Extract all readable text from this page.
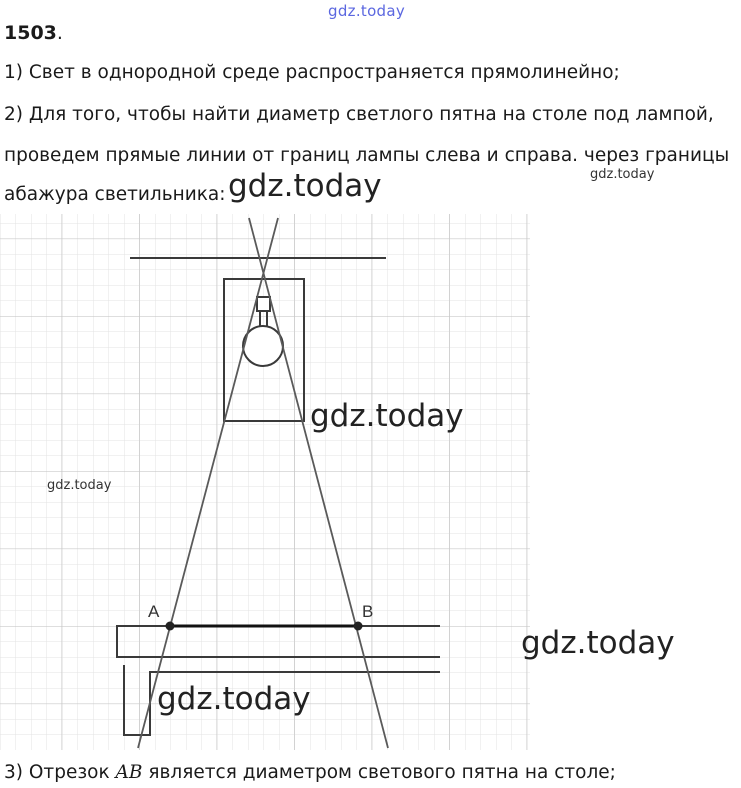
gdz.today
1503.
1) Свет в однородной среде распространяется прямолинейно;
2) Для того, чтобы найти диаметр светлого пятна на столе под лампой,
проведем прямые линии от границ лампы слева и справа. через границы
абажура светильника: gdz.today	gdz.today
A	B
gdz.today
gdz.today
gdz.today
gdz.today
3) Отрезок AB является диаметром светового пятна на столе;
